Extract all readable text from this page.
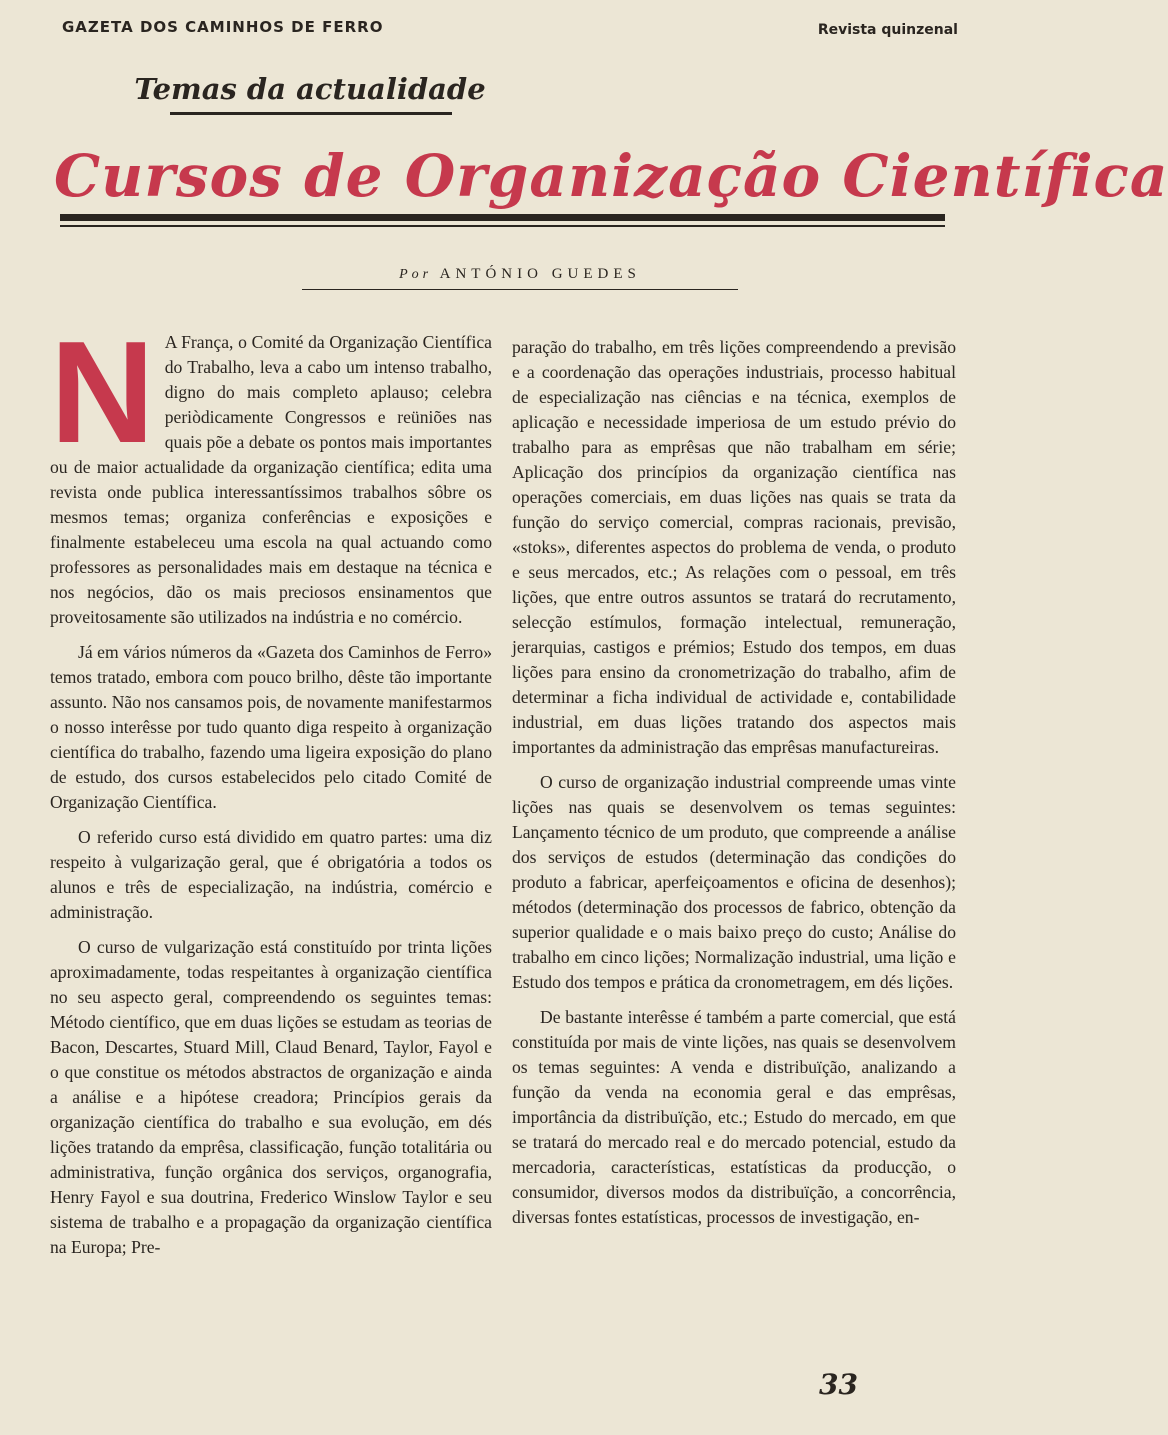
GAZETA DOS CAMINHOS DE FERRO	Revista quinzenal
Temas da actualidade
Cursos de Organização Científica
Por ANTÓNIO GUEDES

N A França, o Comité da Organização Científica do Trabalho, leva a cabo um intenso trabalho, digno do mais completo aplauso; celebra periòdicamente Congressos e reüniões nas quais põe a debate os pontos mais importantes ou de maior actualidade da organização científica; edita uma revista onde publica interessantíssimos trabalhos sôbre os mesmos temas; organiza conferências e exposições e finalmente estabeleceu uma escola na qual actuando como professores as personalidades mais em destaque na técnica e nos negócios, dão os mais preciosos ensinamentos que proveitosamente são utilizados na indústria e no comércio.

Já em vários números da «Gazeta dos Caminhos de Ferro» temos tratado, embora com pouco brilho, dêste tão importante assunto. Não nos cansamos pois, de novamente manifestarmos o nosso interêsse por tudo quanto diga respeito à organização científica do trabalho, fazendo uma ligeira exposição do plano de estudo, dos cursos estabelecidos pelo citado Comité de Organização Científica.

O referido curso está dividido em quatro partes: uma diz respeito à vulgarização geral, que é obrigatória a todos os alunos e três de especialização, na indústria, comércio e administração.

O curso de vulgarização está constituído por trinta lições aproximadamente, todas respeitantes à organização científica no seu aspecto geral, compreendendo os seguintes temas: Método científico, que em duas lições se estudam as teorias de Bacon, Descartes, Stuard Mill, Claud Benard, Taylor, Fayol e o que constitue os métodos abstractos de organização e ainda a análise e a hipótese creadora; Princípios gerais da organização científica do trabalho e sua evolução, em dés lições tratando da emprêsa, classificação, função totalitária ou administrativa, função orgânica dos serviços, organografia, Henry Fayol e sua doutrina, Frederico Winslow Taylor e seu sistema de trabalho e a propagação da organização científica na Europa; Pre-

paração do trabalho, em três lições compreendendo a previsão e a coordenação das operações industriais, processo habitual de especialização nas ciências e na técnica, exemplos de aplicação e necessidade imperiosa de um estudo prévio do trabalho para as emprêsas que não trabalham em série; Aplicação dos princípios da organização científica nas operações comerciais, em duas lições nas quais se trata da função do serviço comercial, compras racionais, previsão, «stoks», diferentes aspectos do problema de venda, o produto e seus mercados, etc.; As relações com o pessoal, em três lições, que entre outros assuntos se tratará do recrutamento, selecção estímulos, formação intelectual, remuneração, jerarquias, castigos e prémios; Estudo dos tempos, em duas lições para ensino da cronometrização do trabalho, afim de determinar a ficha individual de actividade e, contabilidade industrial, em duas lições tratando dos aspectos mais importantes da administração das emprêsas manufactureiras.

O curso de organização industrial compreende umas vinte lições nas quais se desenvolvem os temas seguintes: Lançamento técnico de um produto, que compreende a análise dos serviços de estudos (determinação das condições do produto a fabricar, aperfeiçoamentos e oficina de desenhos); métodos (determinação dos processos de fabrico, obtenção da superior qualidade e o mais baixo preço do custo; Análise do trabalho em cinco lições; Normalização industrial, uma lição e Estudo dos tempos e prática da cronometragem, em dés lições.

De bastante interêsse é também a parte comercial, que está constituída por mais de vinte lições, nas quais se desenvolvem os temas seguintes: A venda e distribuïção, analizando a função da venda na economia geral e das emprêsas, importância da distribuïção, etc.; Estudo do mercado, em que se tratará do mercado real e do mercado potencial, estudo da mercadoria, características, estatísticas da producção, o consumidor, diversos modos da distribuïção, a concorrência, diversas fontes estatísticas, processos de investigação, en-

33
